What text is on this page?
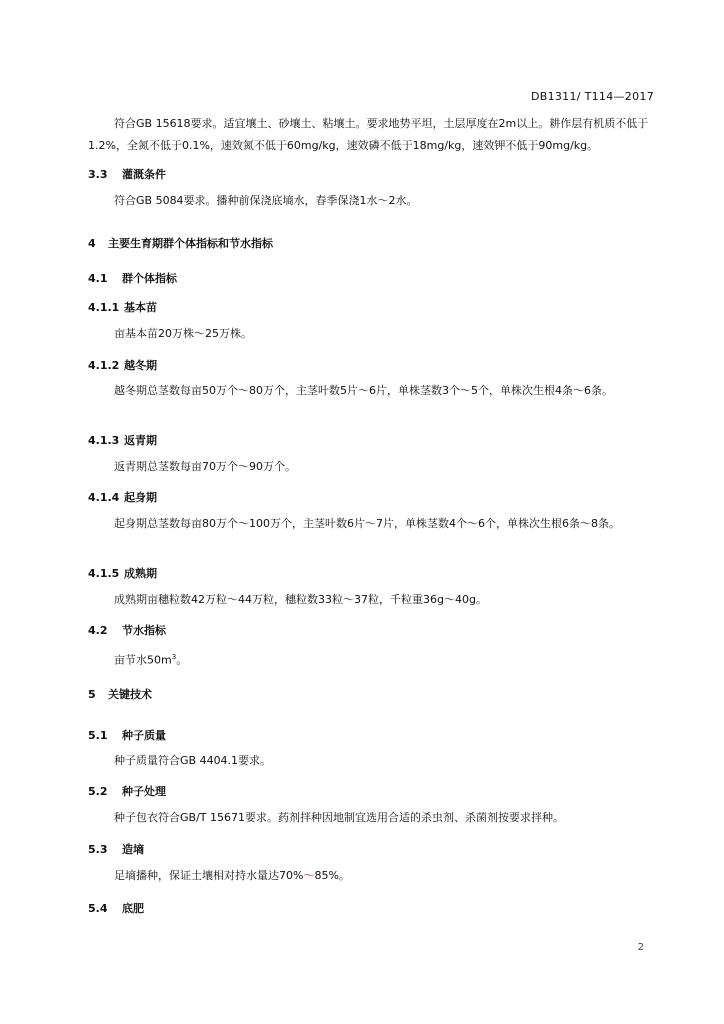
DB1311/ T114—2017
符合GB 15618要求。适宜壤土、砂壤土、粘壤土。要求地势平坦，土层厚度在2m以上。耕作层有机质不低于1.2%，全氮不低于0.1%，速效氮不低于60mg/kg，速效磷不低于18mg/kg，速效钾不低于90mg/kg。
3.3 灌溉条件
符合GB 5084要求。播种前保浇底墒水，春季保浇1水～2水。
4 主要生育期群个体指标和节水指标
4.1 群个体指标
4.1.1 基本苗
亩基本苗20万株～25万株。
4.1.2 越冬期
越冬期总茎数每亩50万个～80万个，主茎叶数5片～6片，单株茎数3个～5个，单株次生根4条～6条。
4.1.3 返青期
返青期总茎数每亩70万个～90万个。
4.1.4 起身期
起身期总茎数每亩80万个～100万个，主茎叶数6片～7片，单株茎数4个～6个，单株次生根6条～8条。
4.1.5 成熟期
成熟期亩穗粒数42万粒～44万粒，穗粒数33粒～37粒，千粒重36g～40g。
4.2 节水指标
亩节水$50m^3$。
5 关键技术
5.1 种子质量
种子质量符合GB 4404.1要求。
5.2 种子处理
种子包衣符合GB/T 15671要求。药剂拌种因地制宜选用合适的杀虫剂、杀菌剂按要求拌种。
5.3 造墒
足墒播种，保证土壤相对持水量达70%～85%。
5.4 底肥
2
